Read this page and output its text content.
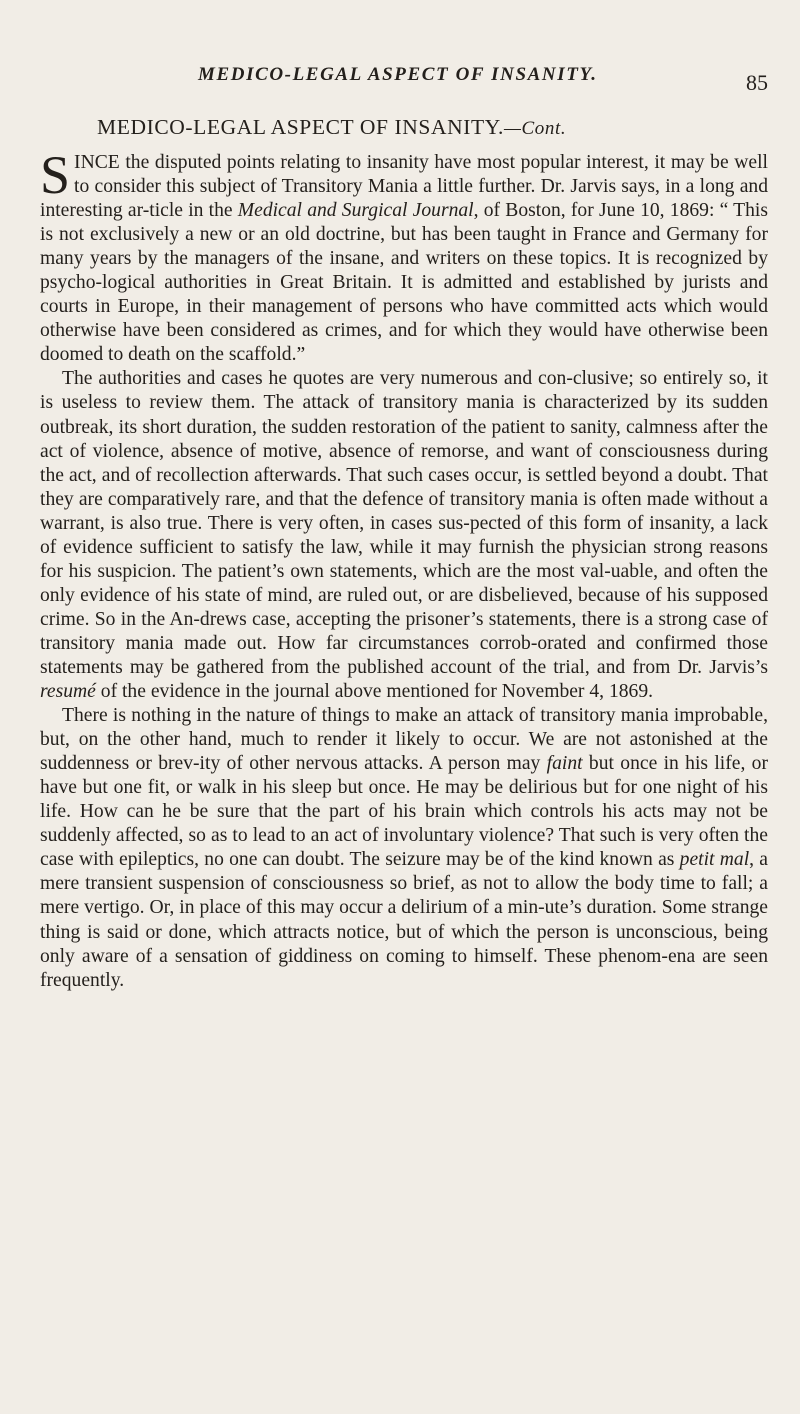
MEDICO-LEGAL ASPECT OF INSANITY.	85
MEDICO-LEGAL ASPECT OF INSANITY.—Cont.

SINCE the disputed points relating to insanity have most popular interest, it may be well to consider this subject of Transitory Mania a little further. Dr. Jarvis says, in a long and interesting ar-ticle in the Medical and Surgical Journal, of Boston, for June 10, 1869: “ This is not exclusively a new or an old doctrine, but has been taught in France and Germany for many years by the managers of the insane, and writers on these topics. It is recognized by psycho-logical authorities in Great Britain. It is admitted and established by jurists and courts in Europe, in their management of persons who have committed acts which would otherwise have been considered as crimes, and for which they would have otherwise been doomed to death on the scaffold.”

The authorities and cases he quotes are very numerous and con-clusive; so entirely so, it is useless to review them. The attack of transitory mania is characterized by its sudden outbreak, its short duration, the sudden restoration of the patient to sanity, calmness after the act of violence, absence of motive, absence of remorse, and want of consciousness during the act, and of recollection afterwards. That such cases occur, is settled beyond a doubt. That they are comparatively rare, and that the defence of transitory mania is often made without a warrant, is also true. There is very often, in cases sus-pected of this form of insanity, a lack of evidence sufficient to satisfy the law, while it may furnish the physician strong reasons for his suspicion. The patient’s own statements, which are the most val-uable, and often the only evidence of his state of mind, are ruled out, or are disbelieved, because of his supposed crime. So in the An-drews case, accepting the prisoner’s statements, there is a strong case of transitory mania made out. How far circumstances corrob-orated and confirmed those statements may be gathered from the published account of the trial, and from Dr. Jarvis’s resumé of the evidence in the journal above mentioned for November 4, 1869.

There is nothing in the nature of things to make an attack of transitory mania improbable, but, on the other hand, much to render it likely to occur. We are not astonished at the suddenness or brev-ity of other nervous attacks. A person may faint but once in his life, or have but one fit, or walk in his sleep but once. He may be delirious but for one night of his life. How can he be sure that the part of his brain which controls his acts may not be suddenly affected, so as to lead to an act of involuntary violence? That such is very often the case with epileptics, no one can doubt. The seizure may be of the kind known as petit mal, a mere transient suspension of consciousness so brief, as not to allow the body time to fall; a mere vertigo. Or, in place of this may occur a delirium of a min-ute’s duration. Some strange thing is said or done, which attracts notice, but of which the person is unconscious, being only aware of a sensation of giddiness on coming to himself. These phenom-ena are seen frequently.
